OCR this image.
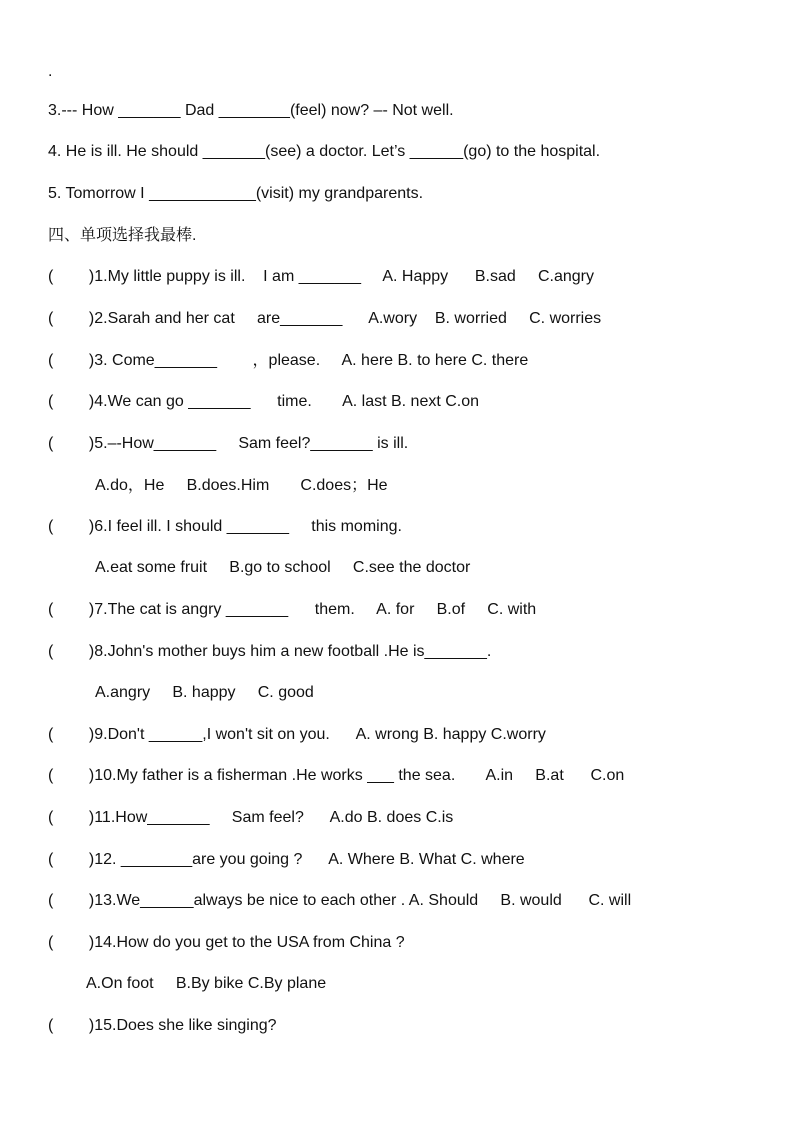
.
3.--- How _______ Dad ________(feel) now? –- Not well.
4. He is ill. He should _______(see) a doctor. Let’s ______(go) to the hospital.
5. Tomorrow I ____________(visit) my grandparents.
四、单项选择我最棒.
(        )1.My little puppy is ill.    I am _______     A. Happy      B.sad     C.angry
(        )2.Sarah and her cat     are_______      A.wory    B. worried     C. worries
(        )3. Come_______        ，please.     A. here B. to here C. there
(        )4.We can go _______      time.       A. last B. next C.on
(        )5.–-How_______     Sam feel?_______ is ill.
A.do，He     B.does.Him       C.does；He
(        )6.I feel ill. I should _______     this moming.
A.eat some fruit     B.go to school     C.see the doctor
(        )7.The cat is angry _______      them.     A. for     B.of     C. with
(        )8.John's mother buys him a new football .He is_______.
A.angry     B. happy     C. good
(        )9.Don't ______,I won't sit on you.      A. wrong B. happy C.worry
(        )10.My father is a fisherman .He works ___ the sea.       A.in     B.at      C.on
(        )11.How_______     Sam feel?      A.do B. does C.is
(        )12. ________are you going ?      A. Where B. What C. where
(        )13.We______always be nice to each other . A. Should     B. would      C. will
(        )14.How do you get to the USA from China ?
A.On foot     B.By bike C.By plane
(        )15.Does she like singing?
